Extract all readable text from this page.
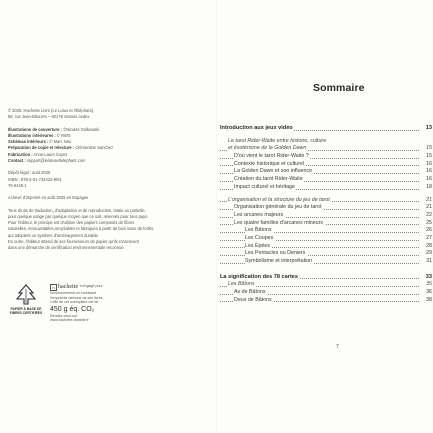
© 2025, Hachette Livre (Le Lotus et l'Éléphant),

58, rue Jean-Bleuzen – 92178 Vanves cedex

Illustrations de couverture : ©Nicolas Gelkowski

Illustrations intérieures : © RWS

Schémas intérieurs : © Marc Neu

Préparation de copie et relecture : Clémentine Sanchez

Fabrication : Anne-Laure Soyez

Contact : support@lelotusetlelephant.com

Dépôt légal : août 2025

ISBN : 978-2-01-734422-9/01

76-6445-1

Achevé d'imprimé en août 2025 en Espagne

Tous droits de traduction, d'adaptation et de reproduction, totale ou partielle,

pour quelque usage par quelque moyen que ce soit, réservés pour tous pays.

Pour l'éditeur, le principe est d'utiliser des papiers composés de fibres

naturelles, renouvelables,recyclables et fabriqués à partir de bois issus de forêts

qui adoptent un système d'aménagement durable.

En outre, l'éditeur attend de ses fournisseurs de papier qu'ils s'inscrivent

dans une démarche de certification environnementale reconnue.

PAPIER À BASE DE
FIBRES CERTIFIÉES
h hachette s'engage pour
l'environnement en réduisant
l'empreinte carbone de ses livres.
Celle de cet exemplaire est de
450 g éq. CO₂
Rendez-vous sur
www.hachette-durable.fr
Sommaire
Introduction aux jeux vidéo	13
Le tarot Rider-Waite entre histoire, culture
et ésotérisme de la Golden Dawn	15
D'où vient le tarot Rider-Waite ?	15
Contexte historique et culturel	16
La Golden Dawn et son influence	16
Création du tarot Rider-Waite	16
Impact culturel et héritage	18
L'organisation et la structure du jeu de tarot	21
Organisation générale du jeu de tarot	21
Les arcanes majeurs	22
Les quatre familles d'arcanes mineurs	25
Les Bâtons	26
Les Coupes	27
Les Épées	28
Les Pentacles ou Deniers	29
Symbolisme et interprétation	31
La signification des 78 cartes	33
Les Bâtons	35
As de Bâtons	36
Deux de Bâtons	38
7
